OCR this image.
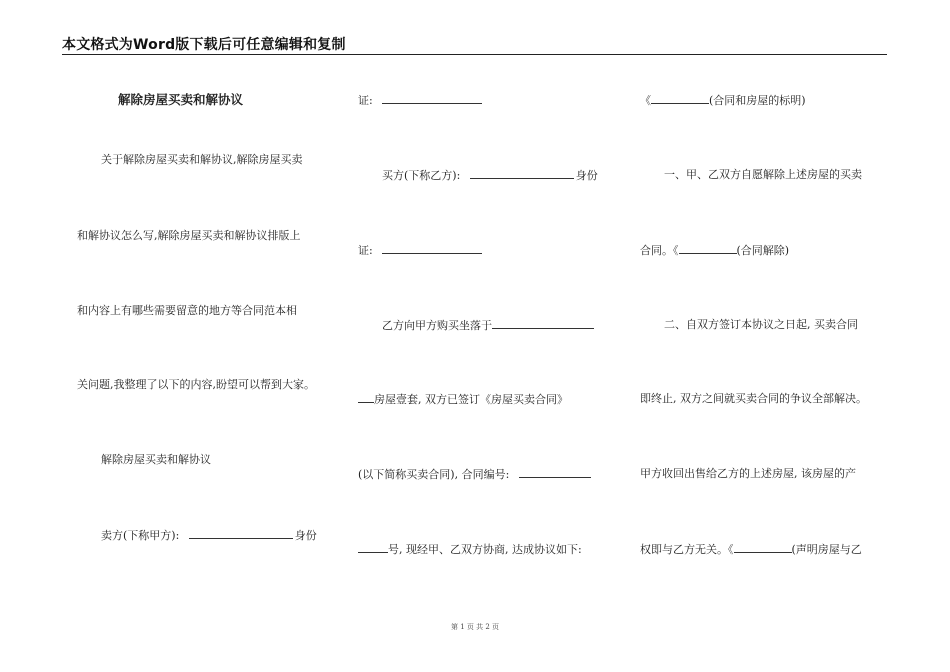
本文格式为Word版下载后可任意编辑和复制
解除房屋买卖和解协议
关于解除房屋买卖和解协议,解除房屋买卖
和解协议怎么写,解除房屋买卖和解协议排版上
和内容上有哪些需要留意的地方等合同范本相
关问题,我整理了以下的内容,盼望可以帮到大家。
解除房屋买卖和解协议
卖方(下称甲方):	身份
证:
买方(下称乙方):	身份
证:
乙方向甲方购买坐落于
房屋壹套, 双方已签订《房屋买卖合同》
(以下简称买卖合同), 合同编号:
号, 现经甲、乙双方协商, 达成协议如下:
《	(合同和房屋的标明)
一、甲、乙双方自愿解除上述房屋的买卖
合同。《	(合同解除)
二、自双方签订本协议之日起, 买卖合同
即终止, 双方之间就买卖合同的争议全部解决。
甲方收回出售给乙方的上述房屋, 该房屋的产
权即与乙方无关。《	(声明房屋与乙
第 1 页 共 2 页
